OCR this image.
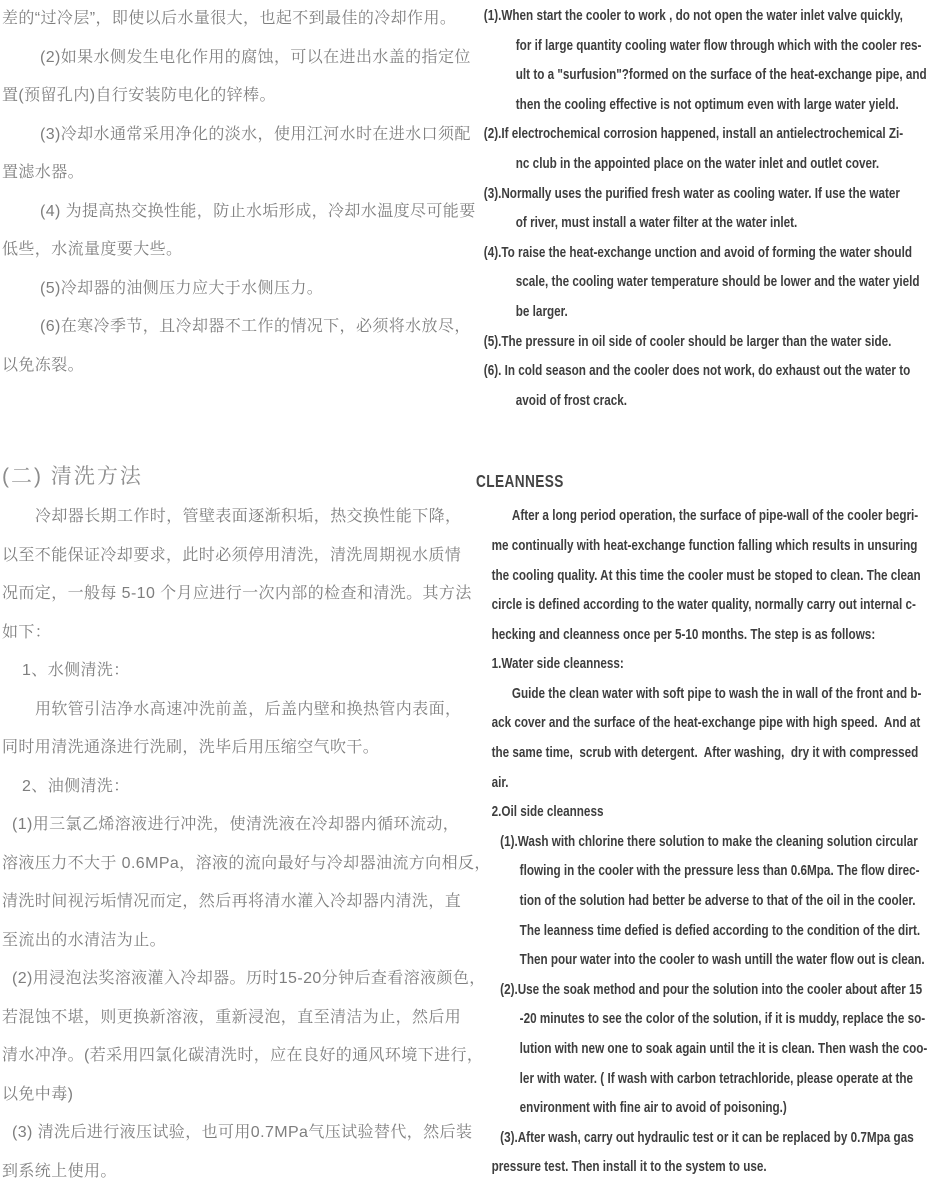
差的“过冷层”，即使以后水量很大，也起不到最佳的冷却作用。
(2)如果水侧发生电化作用的腐蚀，可以在进出水盖的指定位
置(预留孔内)自行安装防电化的锌棒。
(3)冷却水通常采用净化的淡水，使用江河水时在进水口须配
置滤水器。
(4) 为提高热交换性能，防止水垢形成，冷却水温度尽可能要
低些，水流量度要大些。
(5)冷却器的油侧压力应大于水侧压力。
(6)在寒冷季节，且冷却器不工作的情况下，必须将水放尽，
以免冻裂。
(二) 清洗方法
冷却器长期工作时，管壁表面逐渐积垢，热交换性能下降，
以至不能保证冷却要求，此时必须停用清洗，清洗周期视水质情
况而定，一般每 5-10 个月应进行一次内部的检查和清洗。其方法
如下：
1、水侧清洗：
用软管引洁净水高速冲洗前盖，后盖内壁和换热管内表面，
同时用清洗通涤进行洗刷，洗毕后用压缩空气吹干。
2、油侧清洗：
(1)用三氯乙烯溶液进行冲洗，使清洗液在冷却器内循环流动，
溶液压力不大于 0.6MPa，溶液的流向最好与冷却器油流方向相反，
清洗时间视污垢情况而定，然后再将清水灌入冷却器内清洗，直
至流出的水清洁为止。
(2)用浸泡法奖溶液灌入冷却器。历时15-20分钟后查看溶液颜色，
若混蚀不堪，则更换新溶液，重新浸泡，直至清洁为止，然后用
清水冲净。(若采用四氯化碳清洗时，应在良好的通风环境下进行，
以免中毒)
(3) 清洗后进行液压试验，也可用0.7MPa气压试验替代，然后装
到系统上使用。
(1).When start the cooler to work , do not open the water inlet valve quickly,
for if large quantity cooling water flow through which with the cooler res-
ult to a "surfusion"?formed on the surface of the heat-exchange pipe, and
then the cooling effective is not optimum even with large water yield.
(2).If electrochemical corrosion happened, install an antielectrochemical Zi-
nc club in the appointed place on the water inlet and outlet cover.
(3).Normally uses the purified fresh water as cooling water. If use the water
of river, must install a water filter at the water inlet.
(4).To raise the heat-exchange unction and avoid of forming the water should
scale, the cooling water temperature should be lower and the water yield
be larger.
(5).The pressure in oil side of cooler should be larger than the water side.
(6). In cold season and the cooler does not work, do exhaust out the water to
avoid of frost crack.
CLEANNESS
After a long period operation, the surface of pipe-wall of the cooler begri-
me continually with heat-exchange function falling which results in unsuring
the cooling quality. At this time the cooler must be stoped to clean. The clean
circle is defined according to the water quality, normally carry out internal c-
hecking and cleanness once per 5-10 months. The step is as follows:
1.Water side cleanness:
Guide the clean water with soft pipe to wash the in wall of the front and b-
ack cover and the surface of the heat-exchange pipe with high speed.  And at
the same time,  scrub with detergent.  After washing,  dry it with compressed
air.
2.Oil side cleanness
(1).Wash with chlorine there solution to make the cleaning solution circular
flowing in the cooler with the pressure less than 0.6Mpa. The flow direc-
tion of the solution had better be adverse to that of the oil in the cooler.
The leanness time defied is defied according to the condition of the dirt.
Then pour water into the cooler to wash untill the water flow out is clean.
(2).Use the soak method and pour the solution into the cooler about after 15
-20 minutes to see the color of the solution, if it is muddy, replace the so-
lution with new one to soak again until the it is clean. Then wash the coo-
ler with water. ( If wash with carbon tetrachloride, please operate at the
environment with fine air to avoid of poisoning.)
(3).After wash, carry out hydraulic test or it can be replaced by 0.7Mpa gas
pressure test. Then install it to the system to use.
